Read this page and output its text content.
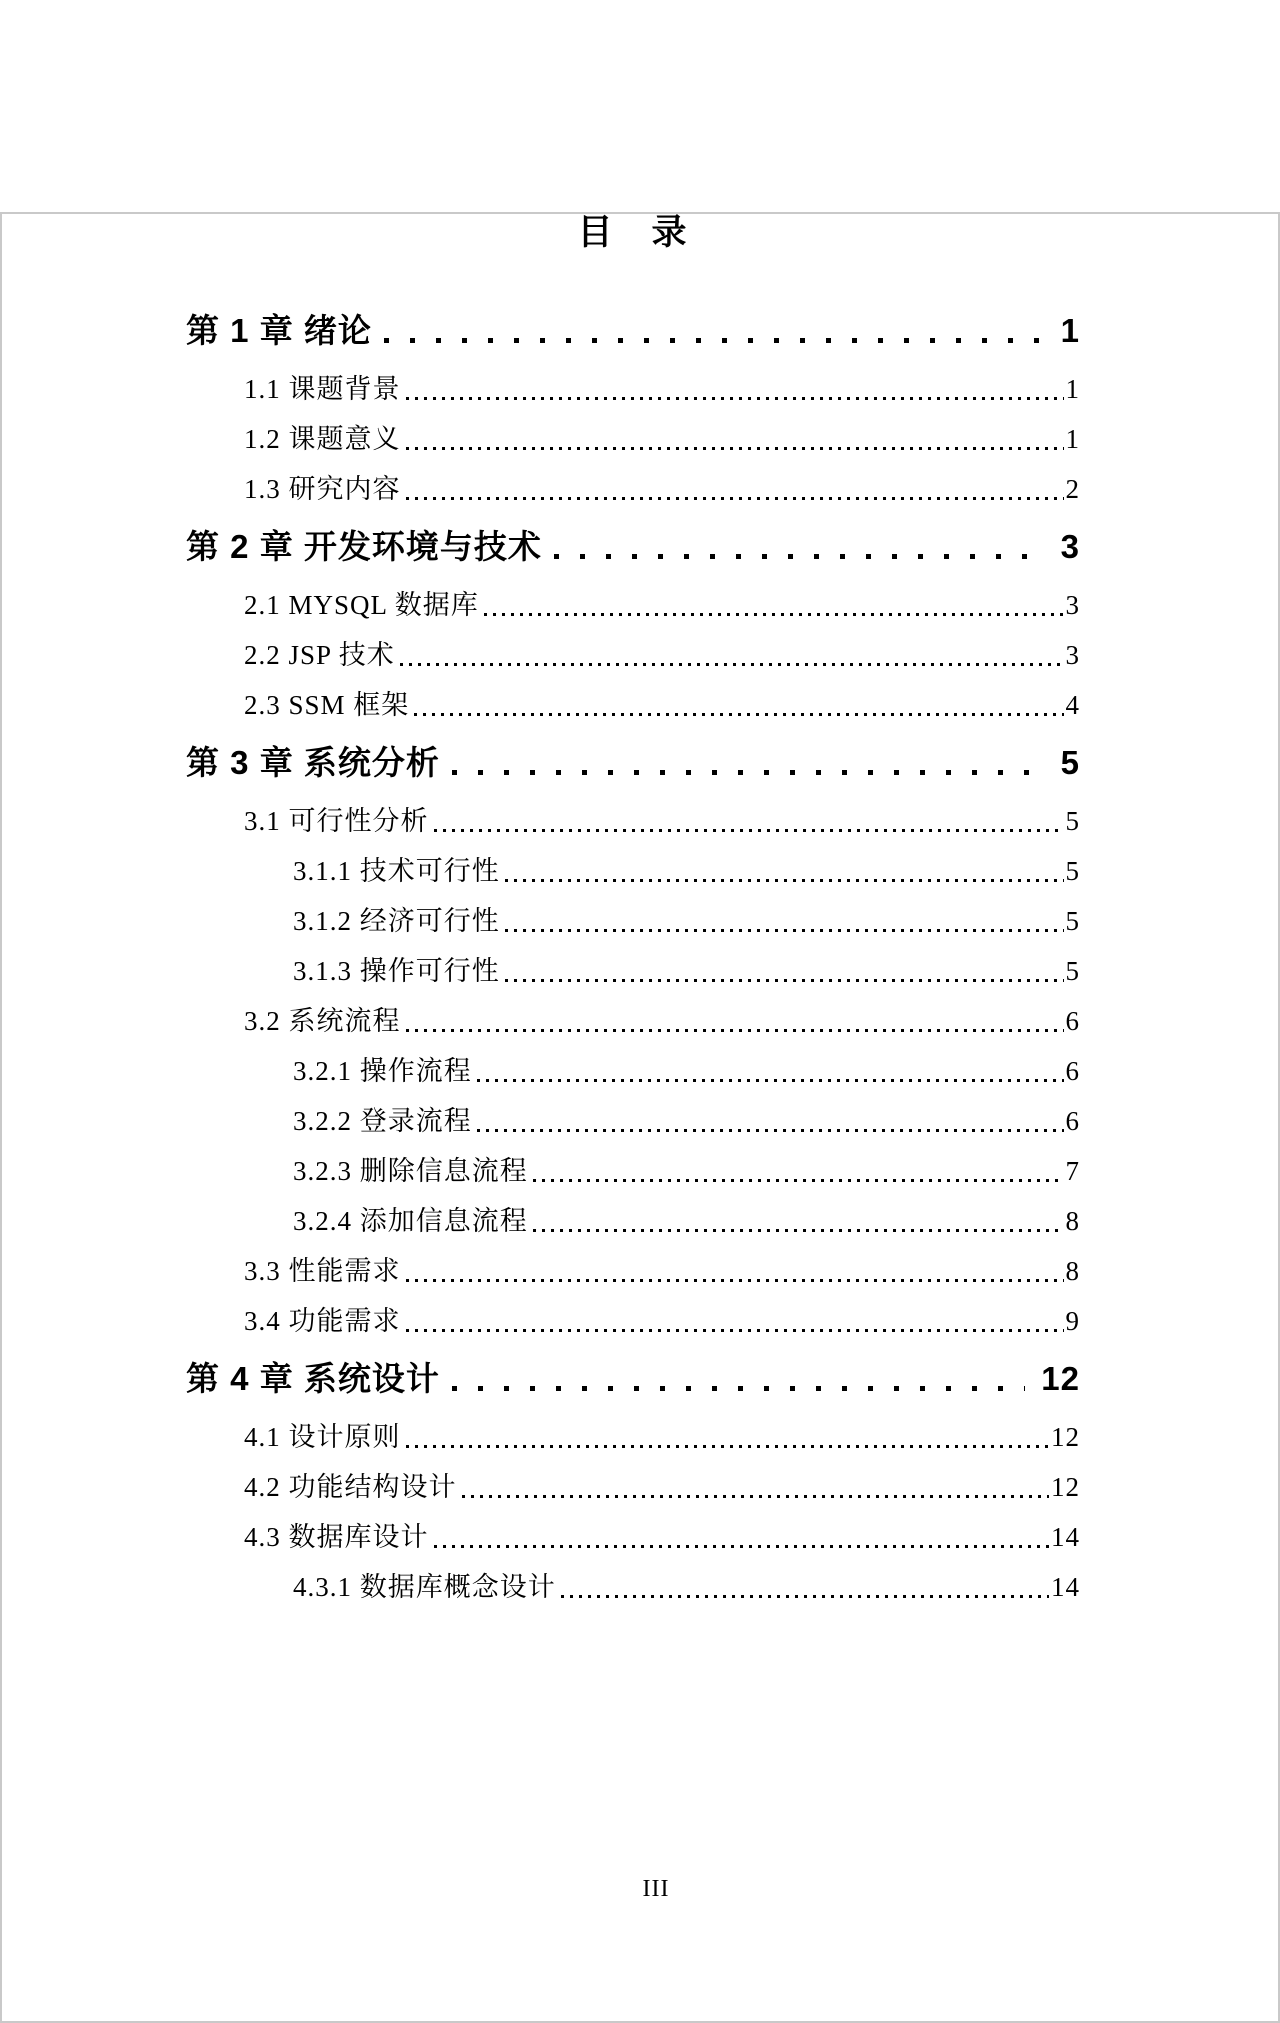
目　录
第 1 章 绪论	1
1.1 课题背景	1
1.2 课题意义	1
1.3 研究内容	2
第 2 章 开发环境与技术	3
2.1 MYSQL 数据库	3
2.2 JSP 技术	3
2.3 SSM 框架	4
第 3 章 系统分析	5
3.1 可行性分析	5
3.1.1 技术可行性	5
3.1.2 经济可行性	5
3.1.3 操作可行性	5
3.2 系统流程	6
3.2.1 操作流程	6
3.2.2 登录流程	6
3.2.3 删除信息流程	7
3.2.4 添加信息流程	8
3.3 性能需求	8
3.4 功能需求	9
第 4 章 系统设计	12
4.1 设计原则	12
4.2 功能结构设计	12
4.3 数据库设计	14
4.3.1 数据库概念设计	14
III
